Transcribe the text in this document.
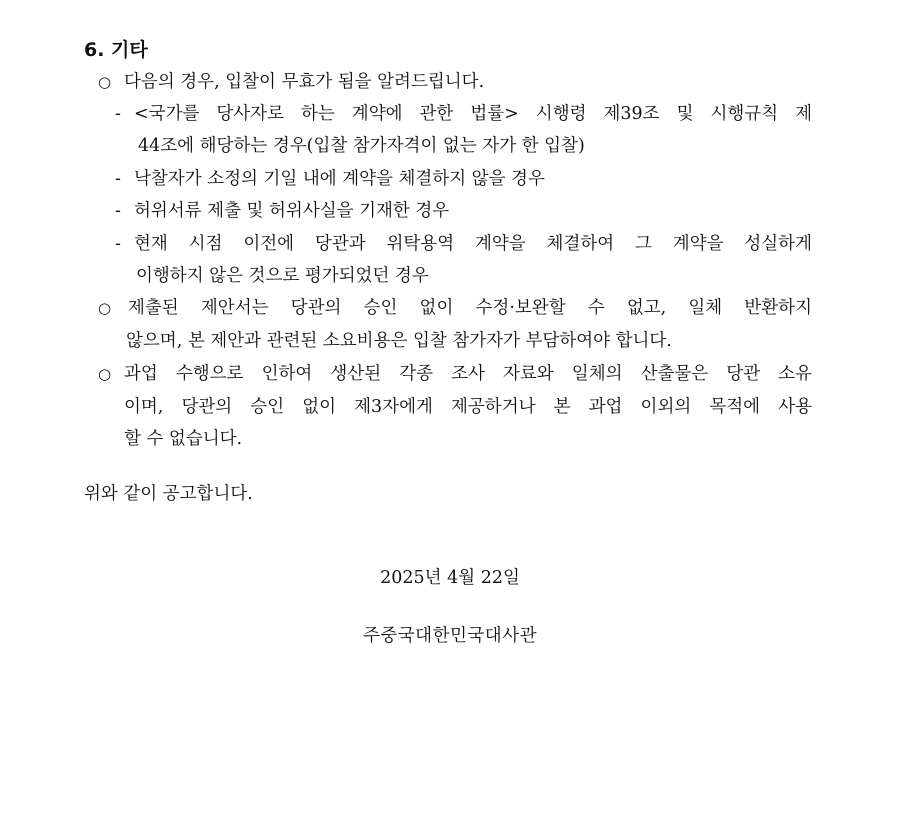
6. 기타
○ 다음의 경우, 입찰이 무효가 됨을 알려드립니다.
- <국가를 당사자로 하는 계약에 관한 법률> 시행령 제39조 및 시행규칙 제
44조에 해당하는 경우(입찰 참가자격이 없는 자가 한 입찰)
- 낙찰자가 소정의 기일 내에 계약을 체결하지 않을 경우
- 허위서류 제출 및 허위사실을 기재한 경우
- 현재 시점 이전에 당관과 위탁용역 계약을 체결하여 그 계약을 성실하게
이행하지 않은 것으로 평가되었던 경우
○ 제출된 제안서는 당관의 승인 없이 수정·보완할 수 없고, 일체 반환하지
않으며, 본 제안과 관련된 소요비용은 입찰 참가자가 부담하여야 합니다.
○ 과업 수행으로 인하여 생산된 각종 조사 자료와 일체의 산출물은 당관 소유
이며, 당관의 승인 없이 제3자에게 제공하거나 본 과업 이외의 목적에 사용
할 수 없습니다.
위와 같이 공고합니다.
2025년 4월 22일
주중국대한민국대사관
